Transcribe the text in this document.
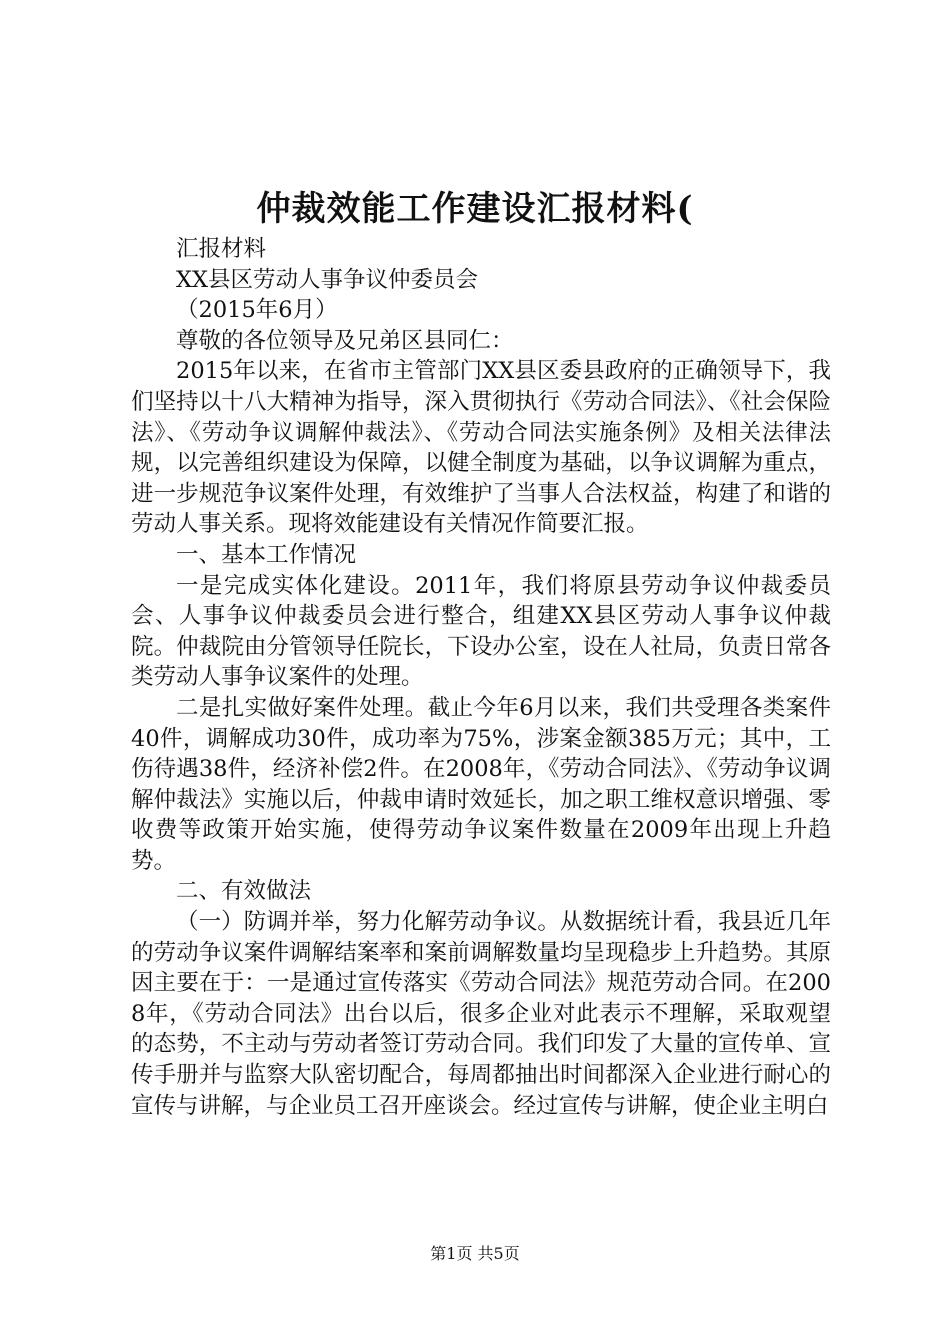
仲裁效能工作建设汇报材料(

汇报材料

XX县区劳动人事争议仲委员会

（2015年6月）

尊敬的各位领导及兄弟区县同仁：

2015年以来，在省市主管部门XX县区委县政府的正确领导下，我们坚持以十八大精神为指导，深入贯彻执行《劳动合同法》、《社会保险法》、《劳动争议调解仲裁法》、《劳动合同法实施条例》及相关法律法规，以完善组织建设为保障，以健全制度为基础，以争议调解为重点，进一步规范争议案件处理，有效维护了当事人合法权益，构建了和谐的劳动人事关系。现将效能建设有关情况作简要汇报。

一、基本工作情况

一是完成实体化建设。2011年，我们将原县劳动争议仲裁委员会、人事争议仲裁委员会进行整合，组建XX县区劳动人事争议仲裁院。仲裁院由分管领导任院长，下设办公室，设在人社局，负责日常各类劳动人事争议案件的处理。

二是扎实做好案件处理。截止今年6月以来，我们共受理各类案件40件，调解成功30件，成功率为75%，涉案金额385万元；其中，工伤待遇38件，经济补偿2件。在2008年，《劳动合同法》、《劳动争议调解仲裁法》实施以后，仲裁申请时效延长，加之职工维权意识增强、零收费等政策开始实施，使得劳动争议案件数量在2009年出现上升趋势。

二、有效做法

（一）防调并举，努力化解劳动争议。从数据统计看，我县近几年的劳动争议案件调解结案率和案前调解数量均呈现稳步上升趋势。其原因主要在于：一是通过宣传落实《劳动合同法》规范劳动合同。在2008年，《劳动合同法》出台以后，很多企业对此表示不理解，采取观望的态势，不主动与劳动者签订劳动合同。我们印发了大量的宣传单、宣传手册并与监察大队密切配合，每周都抽出时间都深入企业进行耐心的宣传与讲解，与企业员工召开座谈会。经过宣传与讲解，使企业主明白

第1页 共5页
